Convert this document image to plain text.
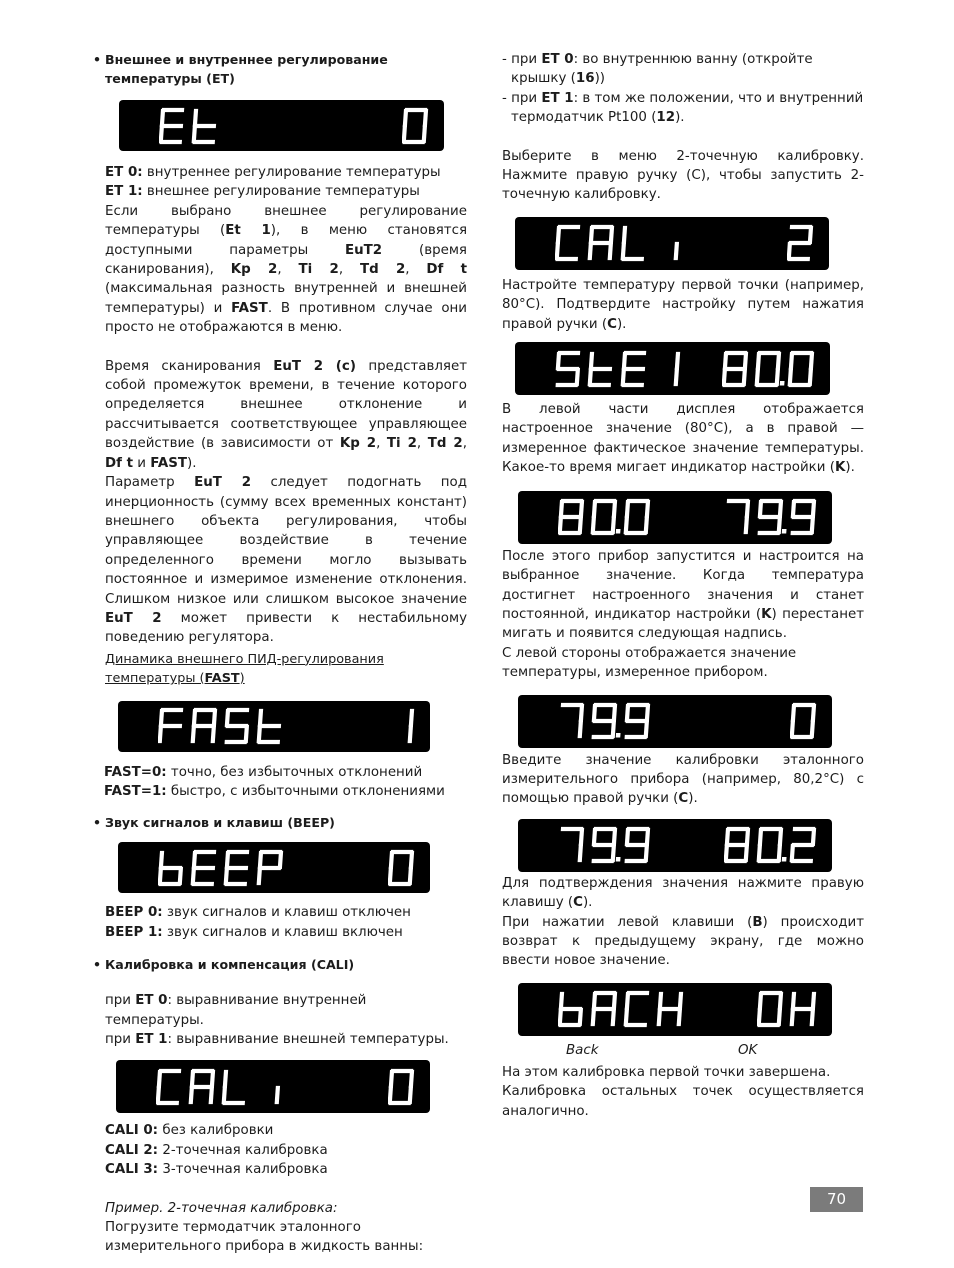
• Внешнее и внутреннее регулирование температуры (ET)

ET 0: внутреннее регулирование температуры

ET 1: внешнее регулирование температуры

Если выбрано внешнее регулирование температуры (Et 1), в меню становятся доступными параметры EuT2 (время сканирования), Kp 2, Ti 2, Td 2, Df t (максимальная разность внутренней и внешней температуры) и FAST. В противном случае они просто не отображаются в меню.

Время сканирования EuT 2 (c) представляет собой промежуток времени, в течение которого определяется внешнее отклонение и рассчитывается соответствующее управляющее воздействие (в зависимости от Kp 2, Ti 2, Td 2, Df t и FAST).

Параметр EuT 2 следует подогнать под инерционность (сумму всех временных констант) внешнего объекта регулирования, чтобы управляющее воздействие в течение определенного времени могло вызывать постоянное и измеримое изменение отклонения. Слишком низкое или слишком высокое значение EuT 2 может привести к нестабильному поведению регулятора.

Динамика внешнего ПИД-регулирования температуры (FAST)

FAST=0: точно, без избыточных отклонений

FAST=1: быстро, с избыточными отклонениями

• Звук сигналов и клавиш (BEEP)

BEEP 0: звук сигналов и клавиш отключен

BEEP 1: звук сигналов и клавиш включен

• Калибровка и компенсация (CALI)

при ET 0: выравнивание внутренней температуры.

при ET 1: выравнивание внешней температуры.

CALI 0: без калибровки

CALI 2: 2-точечная калибровка

CALI 3: 3-точечная калибровка

Пример. 2-точечная калибровка:

Погрузите термодатчик эталонного измерительного прибора в жидкость ванны:

- при ET 0: во внутреннюю ванну (откройте крышку (16))

- при ET 1: в том же положении, что и внутренний термодатчик Pt100 (12).

Выберите в меню 2-точечную калибровку. Нажмите правую ручку (C), чтобы запустить 2-точечную калибровку.

Настройте температуру первой точки (например, 80°C). Подтвердите настройку путем нажатия правой ручки (C).

В левой части дисплея отображается настроенное значение (80°C), а в правой — измеренное фактическое значение температуры. Какое-то время мигает индикатор настройки (K).

После этого прибор запустится и настроится на выбранное значение. Когда температура достигнет настроенного значения и станет постоянной, индикатор настройки (K) перестанет мигать и появится следующая надпись.

С левой стороны отображается значение температуры, измеренное прибором.

Введите значение калибровки эталонного измерительного прибора (например, 80,2°C) с помощью правой ручки (C).

Для подтверждения значения нажмите правую клавишу (C).

При нажатии левой клавиши (B) происходит возврат к предыдущему экрану, где можно ввести новое значение.

Back	OK

На этом калибровка первой точки завершена.

Калибровка остальных точек осуществляется аналогично.

70
